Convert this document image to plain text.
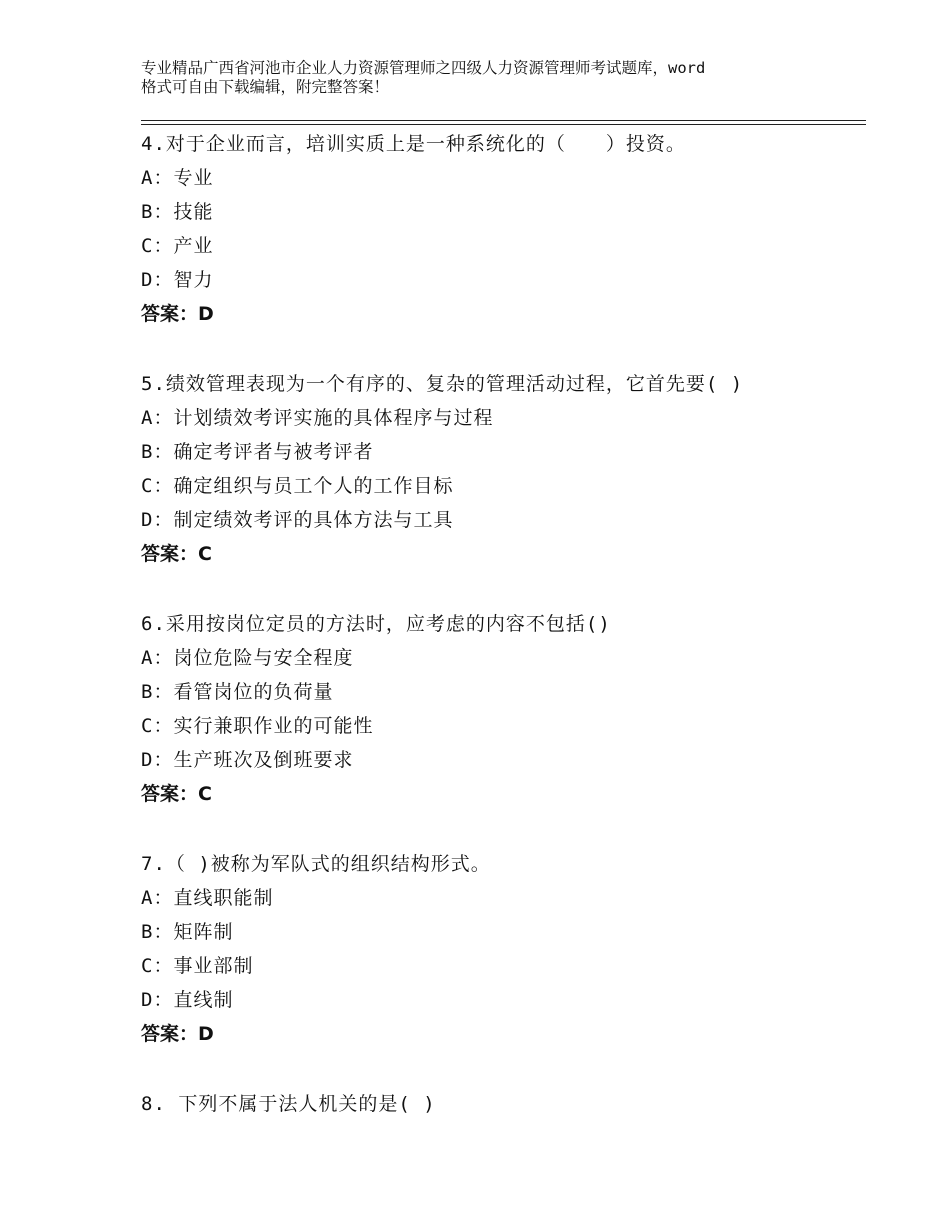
专业精品广西省河池市企业人力资源管理师之四级人力资源管理师考试题库，word
格式可自由下载编辑，附完整答案！
4.对于企业而言，培训实质上是一种系统化的（　　）投资。
A：专业
B：技能
C：产业
D：智力
答案：D
5.绩效管理表现为一个有序的、复杂的管理活动过程，它首先要( )
A：计划绩效考评实施的具体程序与过程
B：确定考评者与被考评者
C：确定组织与员工个人的工作目标
D：制定绩效考评的具体方法与工具
答案：C
6.采用按岗位定员的方法时，应考虑的内容不包括()
A：岗位危险与安全程度
B：看管岗位的负荷量
C：实行兼职作业的可能性
D：生产班次及倒班要求
答案：C
7.（ )被称为军队式的组织结构形式。
A：直线职能制
B：矩阵制
C：事业部制
D：直线制
答案：D
8. 下列不属于法人机关的是( )
